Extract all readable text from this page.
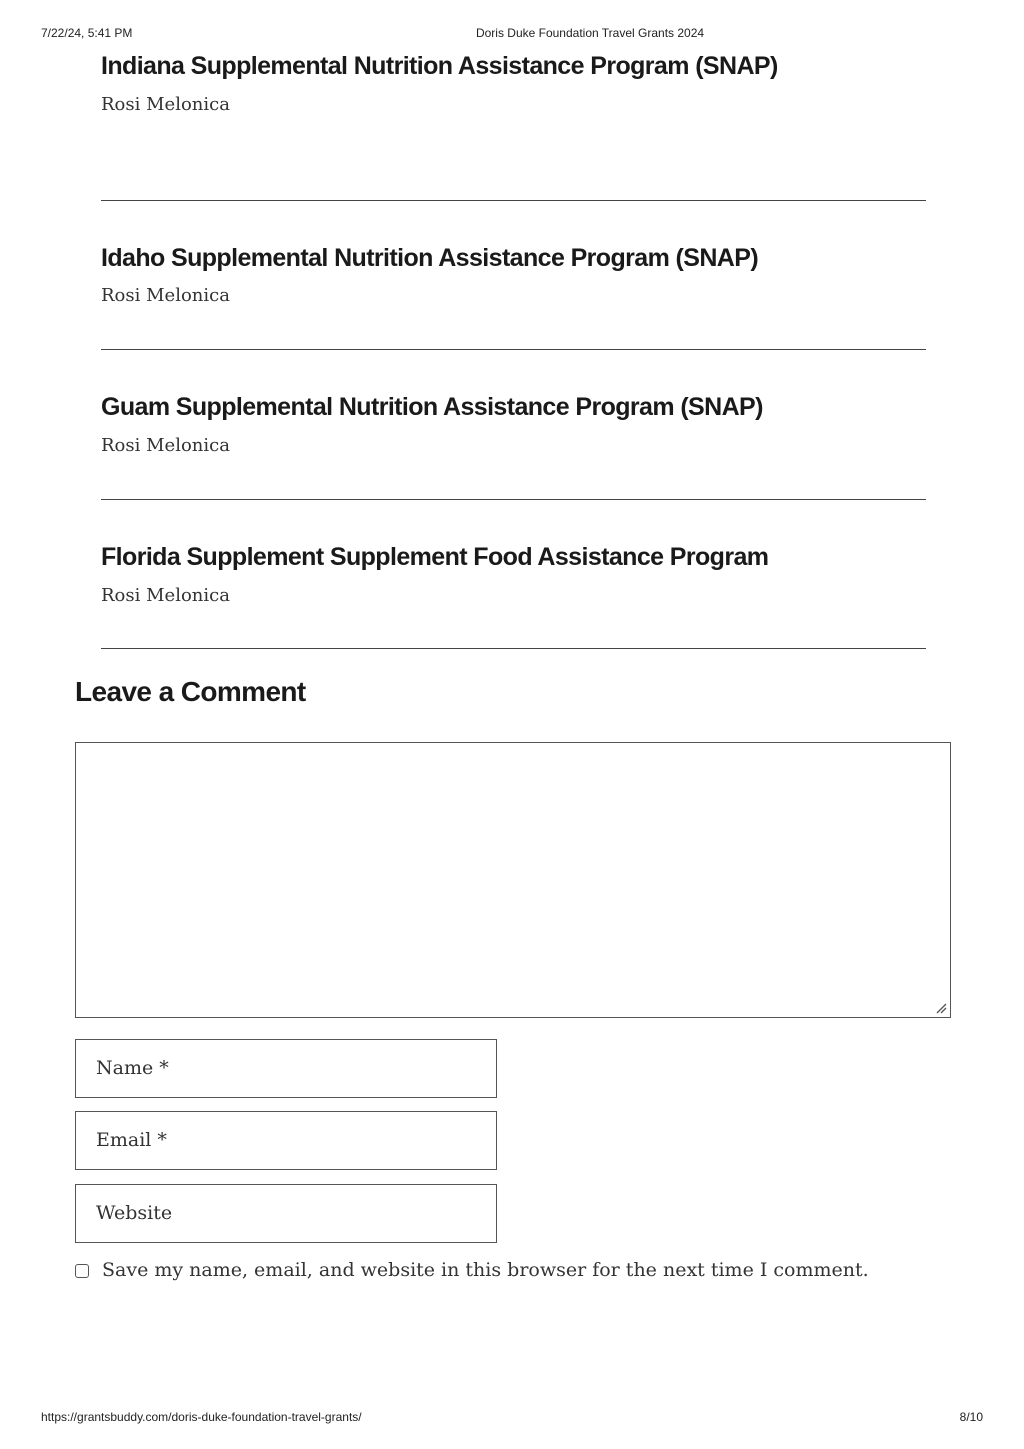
7/22/24, 5:41 PM	Doris Duke Foundation Travel Grants 2024
Indiana Supplemental Nutrition Assistance Program (SNAP)
Rosi Melonica
Idaho Supplemental Nutrition Assistance Program (SNAP)
Rosi Melonica
Guam Supplemental Nutrition Assistance Program (SNAP)
Rosi Melonica
Florida Supplement Supplement Food Assistance Program
Rosi Melonica
Leave a Comment
Name *
Email *
Website
Save my name, email, and website in this browser for the next time I comment.
https://grantsbuddy.com/doris-duke-foundation-travel-grants/	8/10
